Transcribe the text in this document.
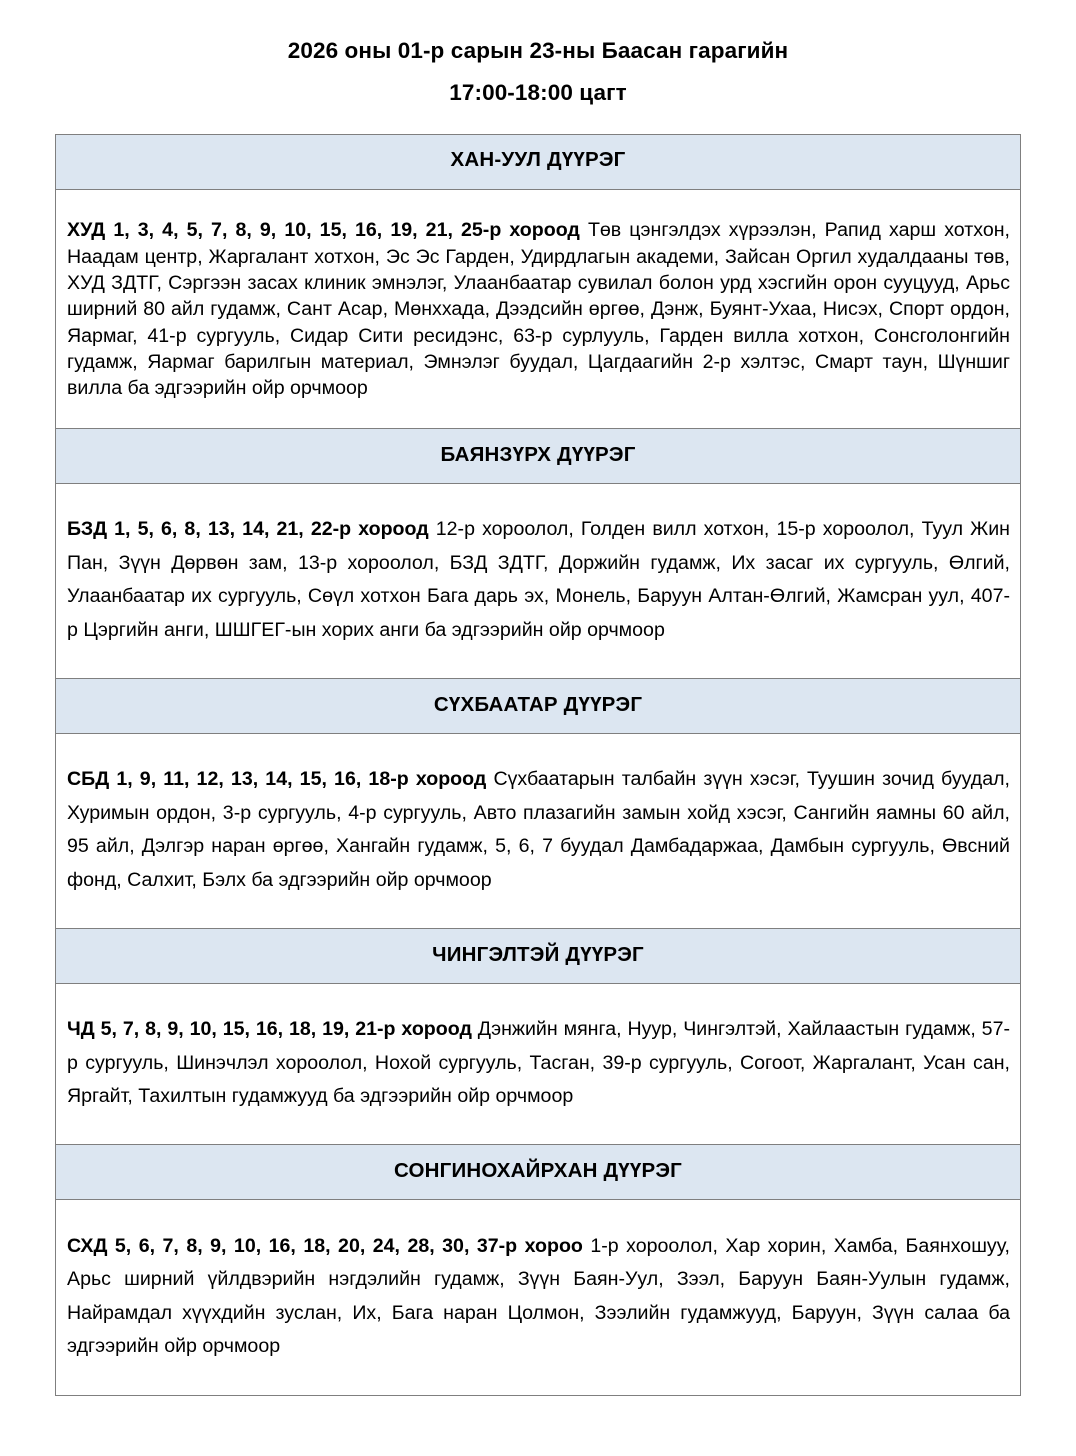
2026 оны 01-р сарын 23-ны Баасан гарагийн
17:00-18:00 цагт
ХАН-УУЛ ДҮҮРЭГ

ХУД 1, 3, 4, 5, 7, 8, 9, 10, 15, 16, 19, 21, 25-р хороод Төв цэнгэлдэх хүрээлэн, Рапид харш хотхон, Наадам центр, Жаргалант хотхон, Эс Эс Гарден, Удирдлагын академи, Зайсан Оргил худалдааны төв, ХУД ЗДТГ, Сэргээн засах клиник эмнэлэг, Улаанбаатар сувилал болон урд хэсгийн орон сууцууд, Арьс ширний 80 айл гудамж, Сант Асар, Мөнххада, Дээдсийн өргөө, Дэнж, Буянт-Ухаа, Нисэх, Спорт ордон, Яармаг, 41-р сургууль, Сидар Сити ресидэнс, 63-р сурлууль, Гарден вилла хотхон, Сонсголонгийн гудамж, Яармаг барилгын материал, Эмнэлэг буудал, Цагдаагийн 2-р хэлтэс, Смарт таун, Шүншиг вилла ба эдгээрийн ойр орчмоор

БАЯНЗҮРХ ДҮҮРЭГ

БЗД 1, 5, 6, 8, 13, 14, 21, 22-р хороод 12-р хороолол, Голден вилл хотхон, 15-р хороолол, Туул Жин Пан, Зүүн Дөрвөн зам, 13-р хороолол, БЗД ЗДТГ, Доржийн гудамж, Их засаг их сургууль, Өлгий, Улаанбаатар их сургууль, Сөүл хотхон Бага дарь эх, Монель, Баруун Алтан-Өлгий, Жамсран уул, 407-р Цэргийн анги, ШШГЕГ-ын хорих анги ба эдгээрийн ойр орчмоор

СҮХБААТАР ДҮҮРЭГ

СБД 1, 9, 11, 12, 13, 14, 15, 16, 18-р хороод Сүхбаатарын талбайн зүүн хэсэг, Туушин зочид буудал, Хуримын ордон, 3-р сургууль, 4-р сургууль, Авто плазагийн замын хойд хэсэг, Сангийн яамны 60 айл, 95 айл, Дэлгэр наран өргөө, Хангайн гудамж, 5, 6, 7 буудал Дамбадаржаа, Дамбын сургууль, Өвсний фонд, Салхит, Бэлх ба эдгээрийн ойр орчмоор

ЧИНГЭЛТЭЙ ДҮҮРЭГ

ЧД 5, 7, 8, 9, 10, 15, 16, 18, 19, 21-р хороод Дэнжийн мянга, Нуур, Чингэлтэй, Хайлаастын гудамж, 57-р сургууль, Шинэчлэл хороолол, Нохой сургууль, Тасган, 39-р сургууль, Согоот, Жаргалант, Усан сан, Яргайт, Тахилтын гудамжууд ба эдгээрийн ойр орчмоор

СОНГИНОХАЙРХАН ДҮҮРЭГ

СХД 5, 6, 7, 8, 9, 10, 16, 18, 20, 24, 28, 30, 37-р хороо 1-р хороолол, Хар хорин, Хамба, Баянхошуу, Арьс ширний үйлдвэрийн нэгдэлийн гудамж, Зүүн Баян-Уул, Зээл, Баруун Баян-Уулын гудамж, Найрамдал хүүхдийн зуслан, Их, Бага наран Цолмон, Зээлийн гудамжууд, Баруун, Зүүн салаа ба эдгээрийн ойр орчмоор
